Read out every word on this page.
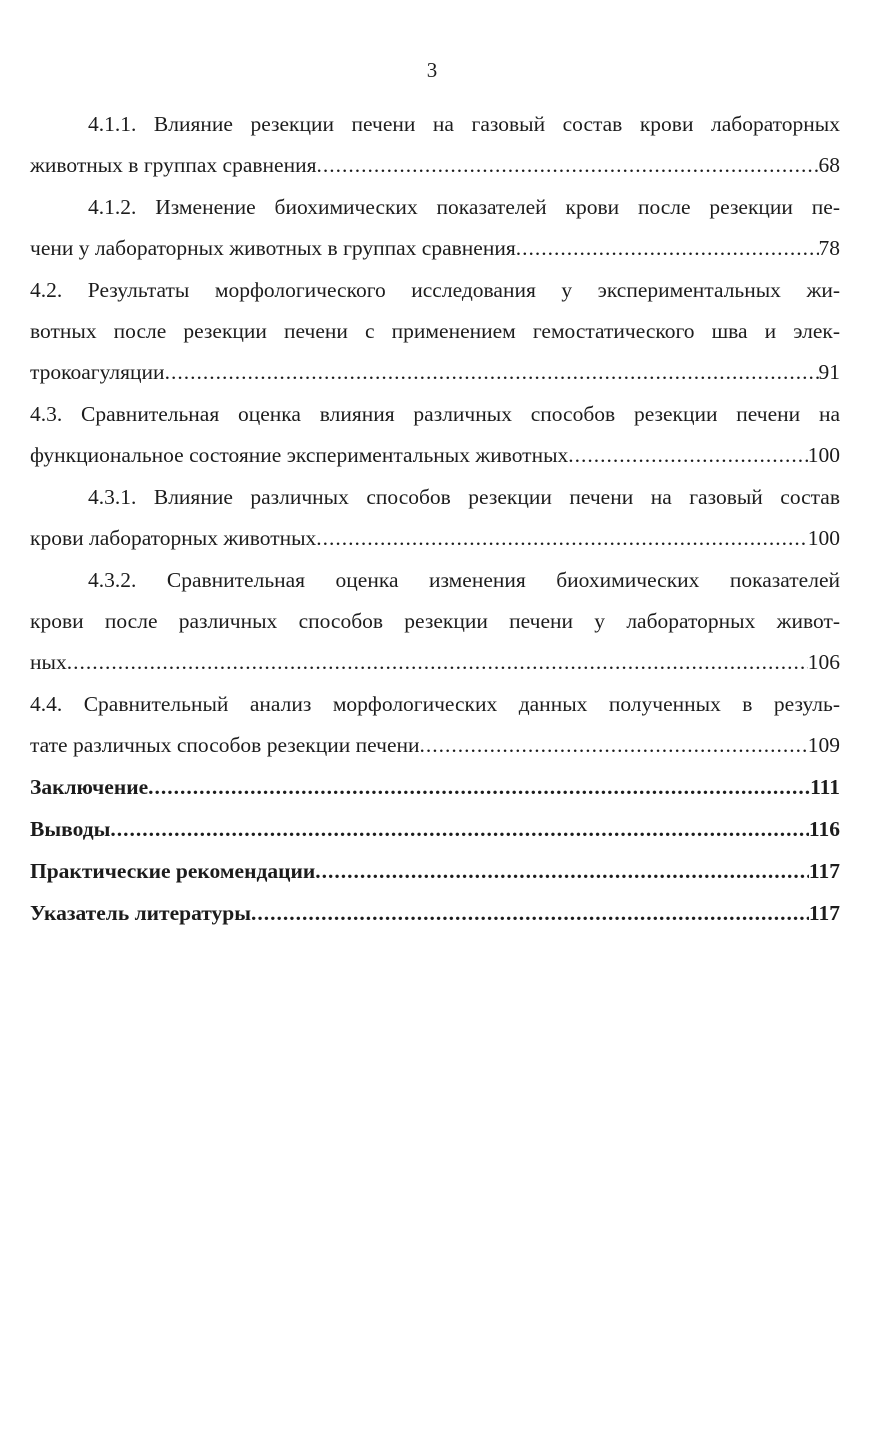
3
4.1.1. Влияние резекции печени на газовый состав крови лабораторных
животных в группах сравнения .....	68
4.1.2. Изменение биохимических показателей крови после резекции пе-
чени у лабораторных животных в группах сравнения .....	78
4.2. Результаты морфологического исследования у экспериментальных жи-
вотных после резекции печени с применением гемостатического шва и элек-
трокоагуляции .....	91
4.3. Сравнительная оценка влияния различных способов резекции печени на
функциональное состояние экспериментальных животных .....	100
4.3.1. Влияние различных способов резекции печени на газовый состав
крови лабораторных животных .....	100
4.3.2. Сравнительная оценка изменения биохимических показателей
крови после различных способов резекции печени у лабораторных живот-
ных .....	106
4.4. Сравнительный анализ морфологических данных полученных в резуль-
тате различных способов резекции печени .....	109
Заключение .....	111
Выводы .....	116
Практические рекомендации .....	117
Указатель литературы .....	117
